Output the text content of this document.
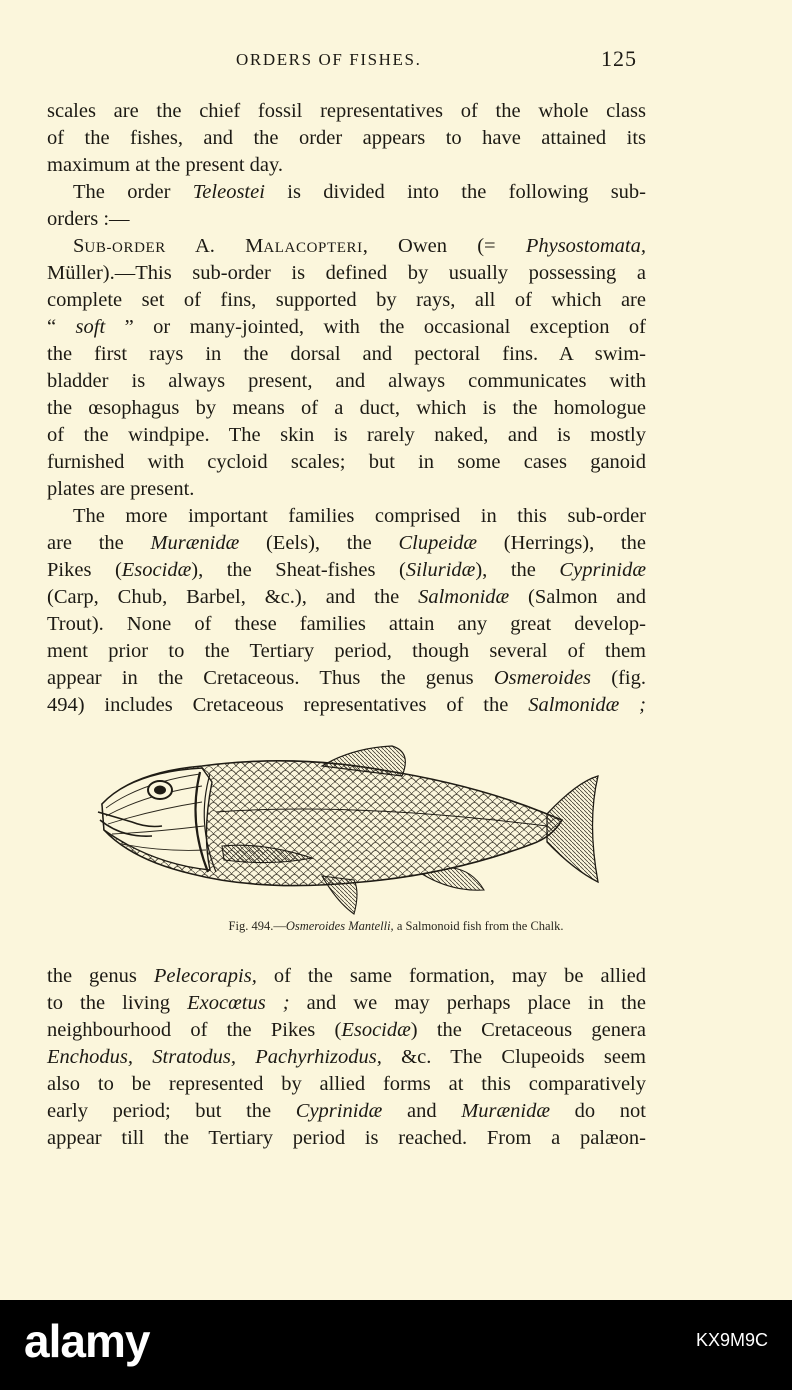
ORDERS OF FISHES.	125
scales are the chief fossil representatives of the whole class
of the fishes, and the order appears to have attained its
maximum at the present day.
The order Teleostei is divided into the following sub-
orders :—
SUB-ORDER A. MALACOPTERI, Owen (= Physostomata,
Müller).—This sub-order is defined by usually possessing a
complete set of fins, supported by rays, all of which are
“ soft ” or many-jointed, with the occasional exception of
the first rays in the dorsal and pectoral fins. A swim-
bladder is always present, and always communicates with
the œsophagus by means of a duct, which is the homologue
of the windpipe. The skin is rarely naked, and is mostly
furnished with cycloid scales; but in some cases ganoid
plates are present.
The more important families comprised in this sub-order
are the Murænidæ (Eels), the Clupeidæ (Herrings), the
Pikes (Esocidæ), the Sheat-fishes (Siluridæ), the Cyprinidæ
(Carp, Chub, Barbel, &c.), and the Salmonidæ (Salmon and
Trout). None of these families attain any great develop-
ment prior to the Tertiary period, though several of them
appear in the Cretaceous. Thus the genus Osmeroides (fig.
494) includes Cretaceous representatives of the Salmonidæ ;
Fig. 494.—Osmeroides Mantelli, a Salmonoid fish from the Chalk.
the genus Pelecorapis, of the same formation, may be allied
to the living Exocœtus ; and we may perhaps place in the
neighbourhood of the Pikes (Esocidæ) the Cretaceous genera
Enchodus, Stratodus, Pachyrhizodus, &c. The Clupeoids seem
also to be represented by allied forms at this comparatively
early period; but the Cyprinidæ and Murænidæ do not
appear till the Tertiary period is reached. From a palæon-
alamy	KX9M9C
